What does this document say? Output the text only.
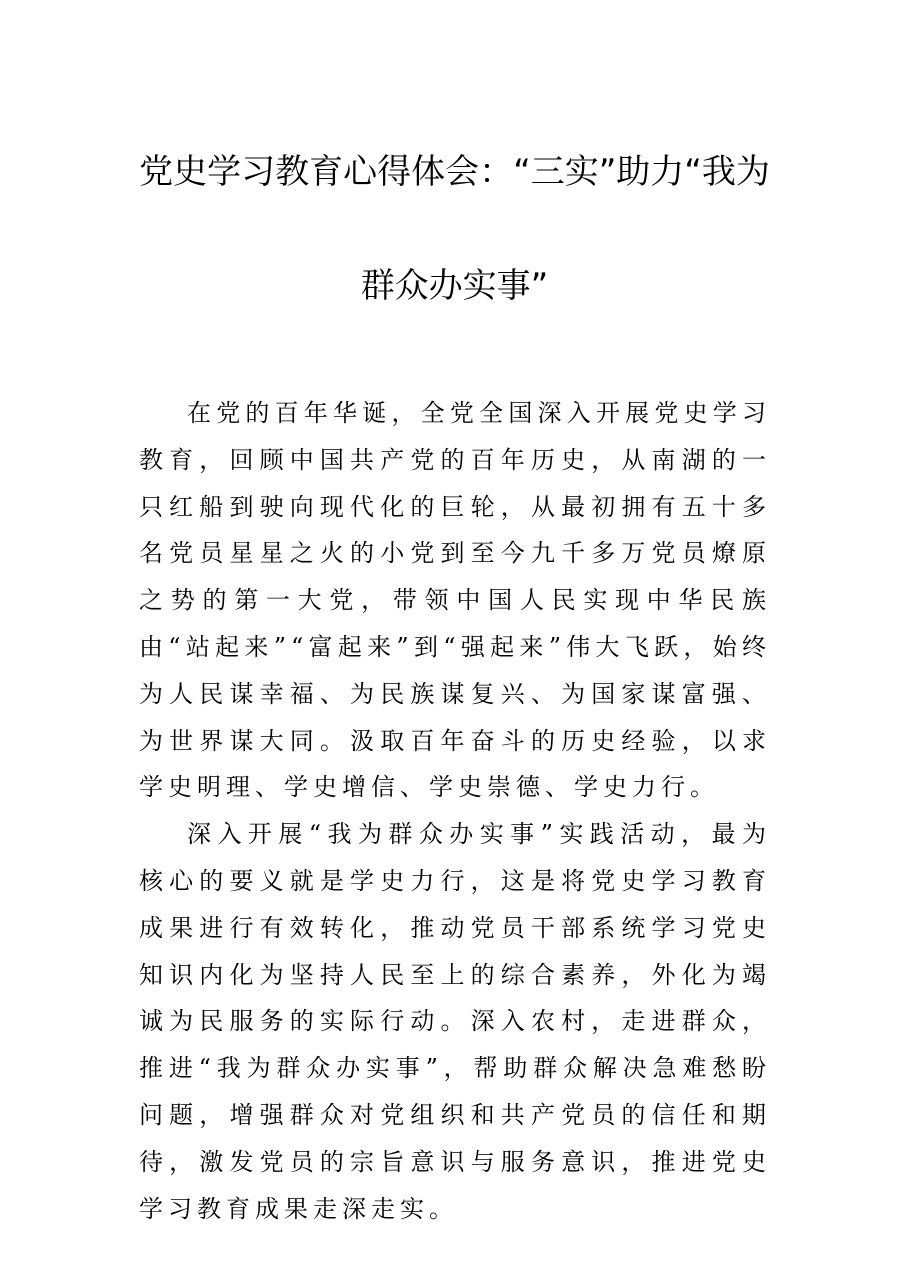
党史学习教育心得体会：“三实”助力“我为
群众办实事”

在党的百年华诞，全党全国深入开展党史学习教育，回顾中国共产党的百年历史，从南湖的一只红船到驶向现代化的巨轮，从最初拥有五十多名党员星星之火的小党到至今九千多万党员燎原之势的第一大党，带领中国人民实现中华民族由“站起来”“富起来”到“强起来”伟大飞跃，始终为人民谋幸福、为民族谋复兴、为国家谋富强、为世界谋大同。汲取百年奋斗的历史经验，以求学史明理、学史增信、学史崇德、学史力行。

深入开展“我为群众办实事”实践活动，最为核心的要义就是学史力行，这是将党史学习教育成果进行有效转化，推动党员干部系统学习党史知识内化为坚持人民至上的综合素养，外化为竭诚为民服务的实际行动。深入农村，走进群众，推进“我为群众办实事”，帮助群众解决急难愁盼问题，增强群众对党组织和共产党员的信任和期待，激发党员的宗旨意识与服务意识，推进党史学习教育成果走深走实。
